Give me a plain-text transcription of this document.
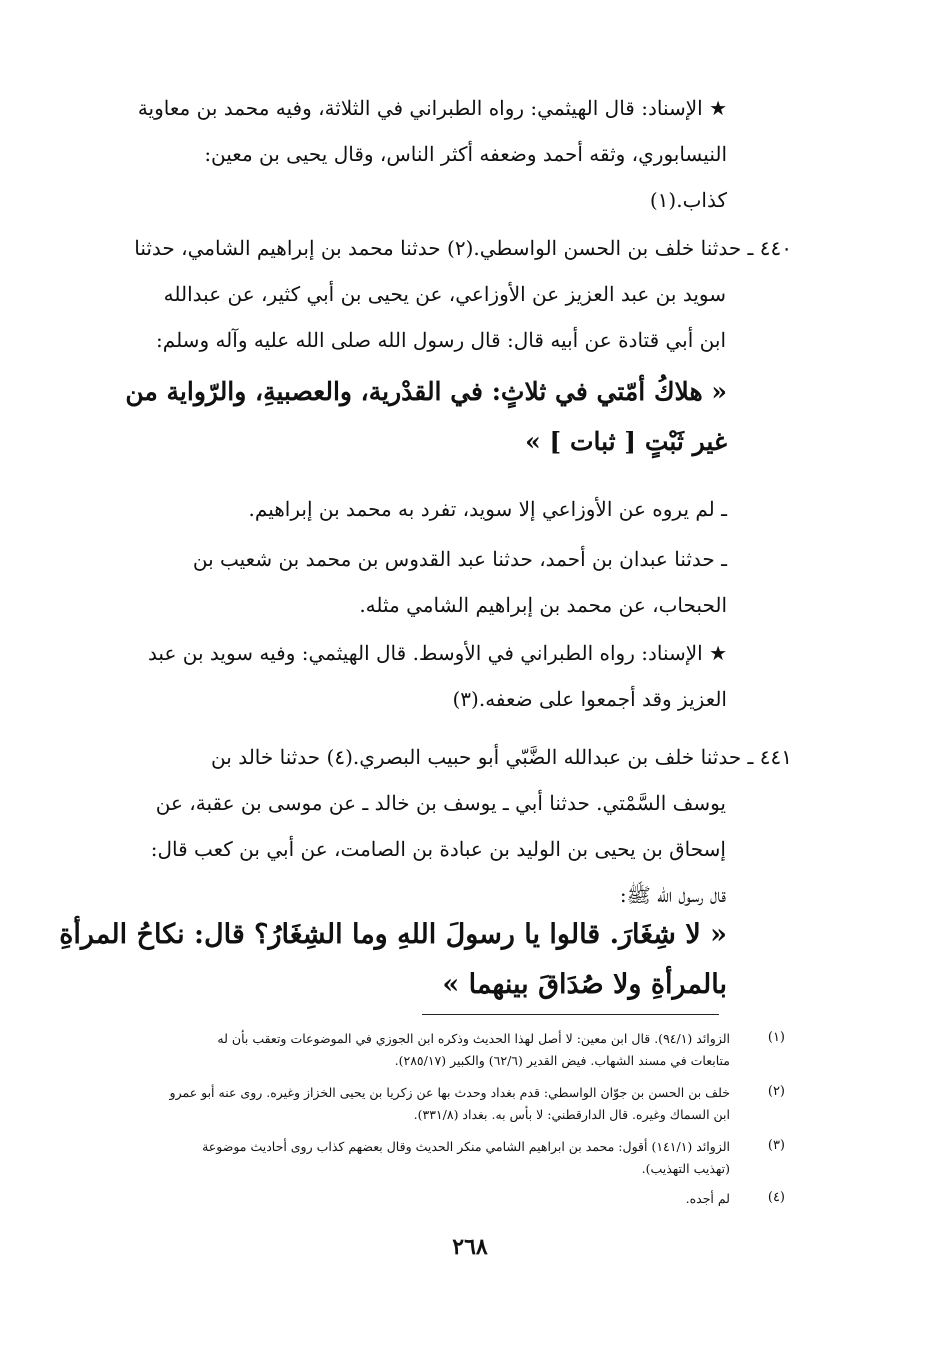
★ الإسناد: قال الهيثمي: رواه الطبراني في الثلاثة، وفيه محمد بن معاوية
النيسابوري، وثقه أحمد وضعفه أكثر الناس، وقال يحيى بن معين:
كذاب.(١)
٤٤٠ ـ حدثنا خلف بن الحسن الواسطي.(٢) حدثنا محمد بن إبراهيم الشامي، حدثنا
سويد بن عبد العزيز عن الأوزاعي، عن يحيى بن أبي كثير، عن عبدالله
ابن أبي قتادة عن أبيه قال: قال رسول الله صلى الله عليه وآله وسلم:
« هلاكُ أمّتي في ثلاثٍ: في القدْرية، والعصبيةِ، والرّواية من
غير ثَبْتٍ [ ثبات ] »
ـ لم يروه عن الأوزاعي إلا سويد، تفرد به محمد بن إبراهيم.
ـ حدثنا عبدان بن أحمد، حدثنا عبد القدوس بن محمد بن شعيب بن
الحبحاب، عن محمد بن إبراهيم الشامي مثله.
★ الإسناد: رواه الطبراني في الأوسط. قال الهيثمي: وفيه سويد بن عبد
العزيز وقد أجمعوا على ضعفه.(٣)
٤٤١ ـ حدثنا خلف بن عبدالله الضَّبّي أبو حبيب البصري.(٤) حدثنا خالد بن
يوسف السَّمْتي. حدثنا أبي ـ يوسف بن خالد ـ عن موسى بن عقبة، عن
إسحاق بن يحيى بن الوليد بن عبادة بن الصامت، عن أبي بن كعب قال:
قال رسول الله ﷺ:
« لا شِغَارَ. قالوا يا رسولَ اللهِ وما الشِغَارُ؟ قال: نكاحُ المرأةِ
بالمرأةِ ولا صُدَاقَ بينهما »
(١)
الزوائد (٩٤/١). قال ابن معين: لا أصل لهذا الحديث وذكره ابن الجوزي في الموضوعات وتعقب بأن له
متابعات في مسند الشهاب. فيض القدير (٦٢/٦) والكبير (٢٨٥/١٧).
(٢)
خلف بن الحسن بن جوّان الواسطي: قدم بغداد وحدث بها عن زكريا بن يحيى الخزاز وغيره. روى عنه أبو عمرو
ابن السماك وغيره. قال الدارقطني: لا بأس به. بغداد (٣٣١/٨).
(٣)
الزوائد (١٤١/١) أقول: محمد بن ابراهيم الشامي منكر الحديث وقال بعضهم كذاب روى أحاديث موضوعة
(تهذيب التهذيب).
(٤)
لم أجده.
٢٦٨
